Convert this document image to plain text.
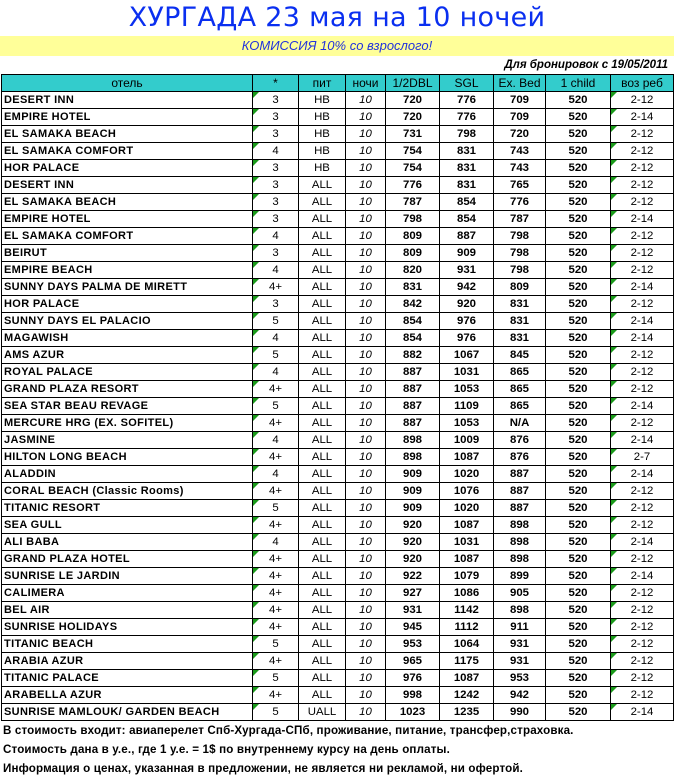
ХУРГАДА 23 мая на 10 ночей
КОМИССИЯ 10% со взрослого!
Для бронировок с 19/05/2011
отель	*	пит	ночи	1/2DBL	SGL	Ex. Bed	1 child	воз реб
DESERT INN	3	HB	10	720	776	709	520	2-12
EMPIRE HOTEL	3	HB	10	720	776	709	520	2-14
EL SAMAKA BEACH	3	HB	10	731	798	720	520	2-12
EL SAMAKA COMFORT	4	HB	10	754	831	743	520	2-12
HOR PALACE	3	HB	10	754	831	743	520	2-12
DESERT INN	3	ALL	10	776	831	765	520	2-12
EL SAMAKA BEACH	3	ALL	10	787	854	776	520	2-12
EMPIRE HOTEL	3	ALL	10	798	854	787	520	2-14
EL SAMAKA COMFORT	4	ALL	10	809	887	798	520	2-12
BEIRUT	3	ALL	10	809	909	798	520	2-12
EMPIRE BEACH	4	ALL	10	820	931	798	520	2-12
SUNNY DAYS PALMA DE MIRETT	4+	ALL	10	831	942	809	520	2-14
HOR PALACE	3	ALL	10	842	920	831	520	2-12
SUNNY DAYS EL PALACIO	5	ALL	10	854	976	831	520	2-14
MAGAWISH	4	ALL	10	854	976	831	520	2-14
AMS AZUR	5	ALL	10	882	1067	845	520	2-12
ROYAL PALACE	4	ALL	10	887	1031	865	520	2-12
GRAND PLAZA RESORT	4+	ALL	10	887	1053	865	520	2-12
SEA STAR BEAU REVAGE	5	ALL	10	887	1109	865	520	2-14
MERCURE HRG (EX. SOFITEL)	4+	ALL	10	887	1053	N/A	520	2-12
JASMINE	4	ALL	10	898	1009	876	520	2-14
HILTON LONG BEACH	4+	ALL	10	898	1087	876	520	2-7
ALADDIN	4	ALL	10	909	1020	887	520	2-14
CORAL BEACH (Classic Rooms)	4+	ALL	10	909	1076	887	520	2-12
TITANIC RESORT	5	ALL	10	909	1020	887	520	2-12
SEA GULL	4+	ALL	10	920	1087	898	520	2-12
ALI BABA	4	ALL	10	920	1031	898	520	2-14
GRAND PLAZA HOTEL	4+	ALL	10	920	1087	898	520	2-12
SUNRISE LE JARDIN	4+	ALL	10	922	1079	899	520	2-14
CALIMERA	4+	ALL	10	927	1086	905	520	2-12
BEL AIR	4+	ALL	10	931	1142	898	520	2-12
SUNRISE HOLIDAYS	4+	ALL	10	945	1112	911	520	2-12
TITANIC BEACH	5	ALL	10	953	1064	931	520	2-12
ARABIA AZUR	4+	ALL	10	965	1175	931	520	2-12
TITANIC PALACE	5	ALL	10	976	1087	953	520	2-12
ARABELLA AZUR	4+	ALL	10	998	1242	942	520	2-12
SUNRISE MAMLOUK/ GARDEN BEACH	5	UALL	10	1023	1235	990	520	2-14
В стоимость входит: авиаперелет Спб-Хургада-СПб, проживание, питание, трансфер,страховка.
Стоимость дана в у.е., где 1 у.е. = 1$ по внутреннему курсу на день оплаты.
Информация о ценах, указанная в предложении, не является ни рекламой, ни офертой.
